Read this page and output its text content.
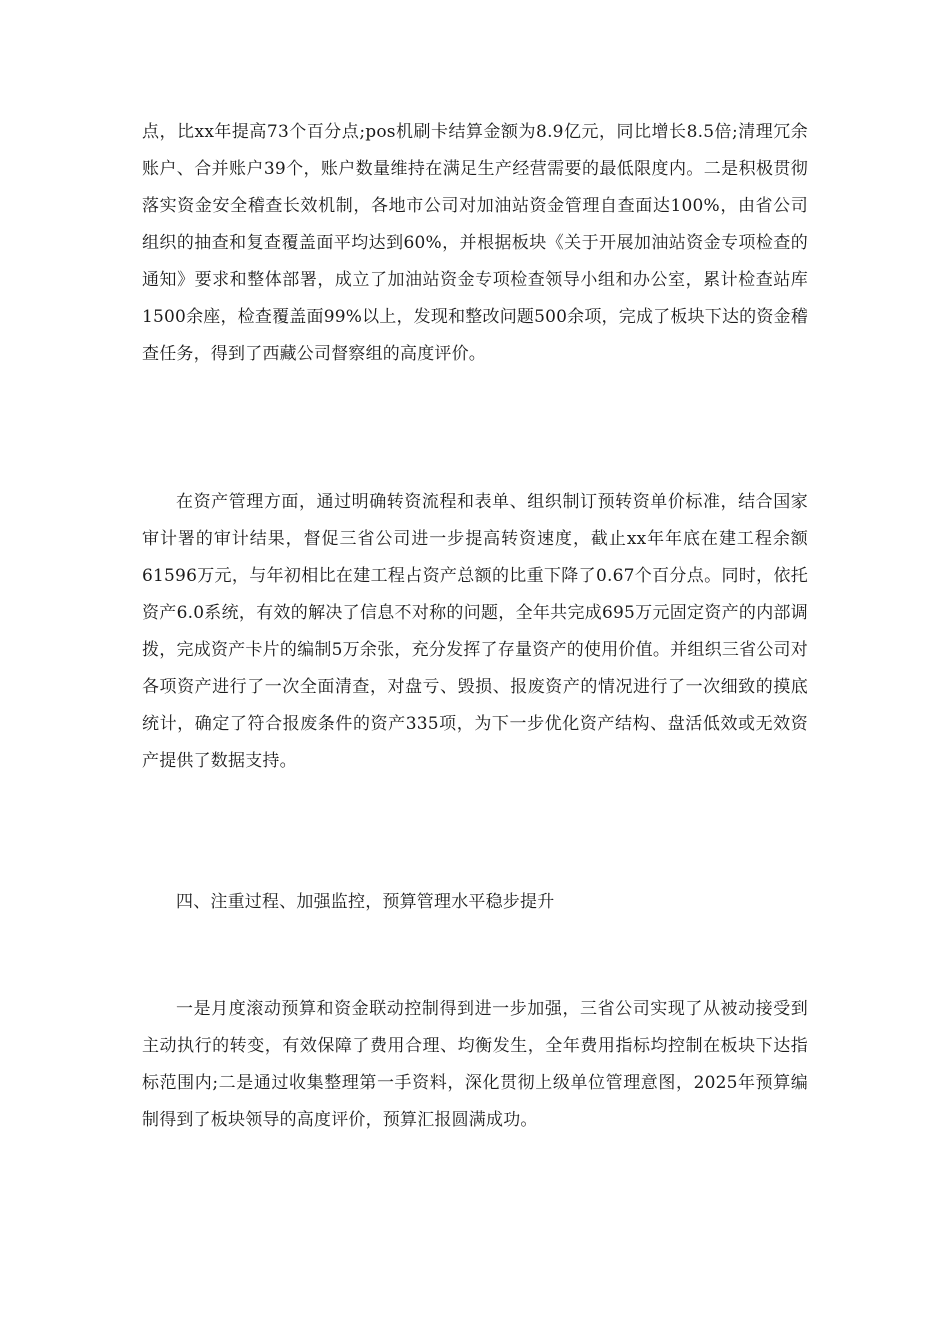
点，比xx年提高73个百分点;pos机刷卡结算金额为8.9亿元，同比增长8.5倍;清理冗余账户、合并账户39个，账户数量维持在满足生产经营需要的最低限度内。二是积极贯彻落实资金安全稽查长效机制，各地市公司对加油站资金管理自查面达100%，由省公司组织的抽查和复查覆盖面平均达到60%，并根据板块《关于开展加油站资金专项检查的通知》要求和整体部署，成立了加油站资金专项检查领导小组和办公室，累计检查站库1500余座，检查覆盖面99%以上，发现和整改问题500余项，完成了板块下达的资金稽查任务，得到了西藏公司督察组的高度评价。

在资产管理方面，通过明确转资流程和表单、组织制订预转资单价标准，结合国家审计署的审计结果，督促三省公司进一步提高转资速度，截止xx年年底在建工程余额61596万元，与年初相比在建工程占资产总额的比重下降了0.67个百分点。同时，依托资产6.0系统，有效的解决了信息不对称的问题，全年共完成695万元固定资产的内部调拨，完成资产卡片的编制5万余张，充分发挥了存量资产的使用价值。并组织三省公司对各项资产进行了一次全面清查，对盘亏、毁损、报废资产的情况进行了一次细致的摸底统计，确定了符合报废条件的资产335项，为下一步优化资产结构、盘活低效或无效资产提供了数据支持。

四、注重过程、加强监控，预算管理水平稳步提升

一是月度滚动预算和资金联动控制得到进一步加强，三省公司实现了从被动接受到主动执行的转变，有效保障了费用合理、均衡发生，全年费用指标均控制在板块下达指标范围内;二是通过收集整理第一手资料，深化贯彻上级单位管理意图，2025年预算编制得到了板块领导的高度评价，预算汇报圆满成功。
